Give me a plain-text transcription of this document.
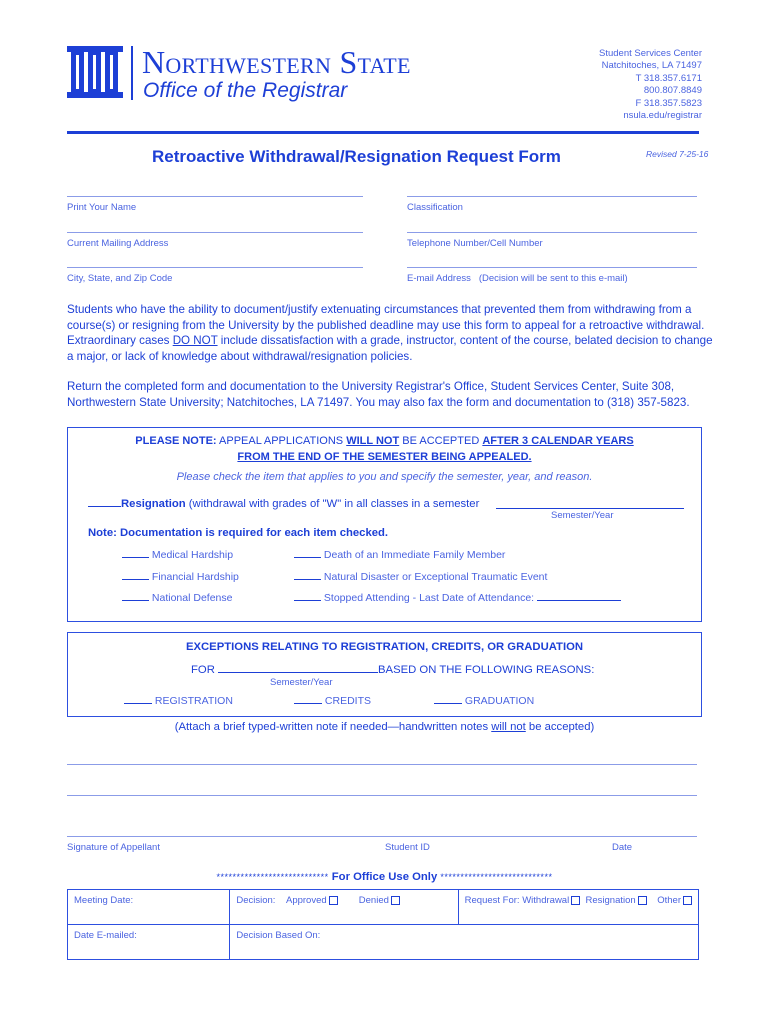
Northwestern State
Office of the Registrar
Student Services Center
Natchitoches, LA 71497
T 318.357.6171
800.807.8849
F 318.357.5823
nsula.edu/registrar
Retroactive Withdrawal/Resignation Request Form	Revised 7-25-16
Print Your Name	Classification
Current Mailing Address	Telephone Number/Cell Number
City, State, and Zip Code	E-mail Address (Decision will be sent to this e-mail)
Students who have the ability to document/justify extenuating circumstances that prevented them from withdrawing from a course(s) or resigning from the University by the published deadline may use this form to appeal for a retroactive withdrawal. Extraordinary cases DO NOT include dissatisfaction with a grade, instructor, content of the course, belated decision to change a major, or lack of knowledge about withdrawal/resignation policies.
Return the completed form and documentation to the University Registrar's Office, Student Services Center, Suite 308, Northwestern State University; Natchitoches, LA 71497. You may also fax the form and documentation to (318) 357-5823.
PLEASE NOTE: APPEAL APPLICATIONS WILL NOT BE ACCEPTED AFTER 3 CALENDAR YEARS
FROM THE END OF THE SEMESTER BEING APPEALED.
Please check the item that applies to you and specify the semester, year, and reason.
Resignation (withdrawal with grades of "W" in all classes in a semester
Semester/Year
Note: Documentation is required for each item checked.
Medical Hardship	Death of an Immediate Family Member
Financial Hardship	Natural Disaster or Exceptional Traumatic Event
National Defense	Stopped Attending - Last Date of Attendance:
EXCEPTIONS RELATING TO REGISTRATION, CREDITS, OR GRADUATION
FOR	BASED ON THE FOLLOWING REASONS:
Semester/Year
REGISTRATION	CREDITS	GRADUATION
(Attach a brief typed-written note if needed—handwritten notes will not be accepted)
Signature of Appellant	Student ID	Date
**************************** For Office Use Only ****************************
Meeting Date:	Decision: Approved Denied	Request For: Withdrawal Resignation Other
Date E-mailed:	Decision Based On:	
